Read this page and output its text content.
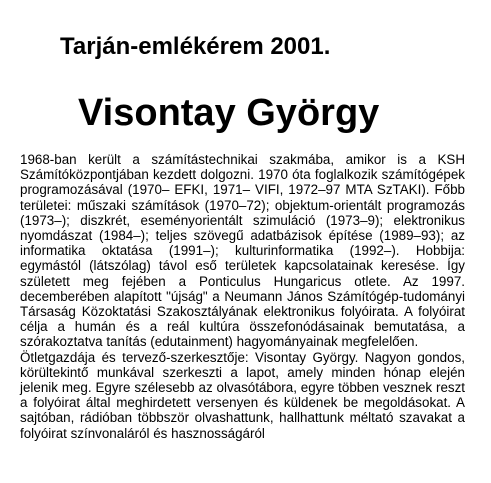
Tarján-emlékérem 2001.
Visontay György

1968-ban került a számítástechnikai szakmába, amikor is a KSH Számítóközpontjában kezdett dolgozni. 1970 óta foglalkozik számítógépek programozásával (1970– EFKI, 1971– VIFI, 1972–97 MTA SzTAKI). Főbb területei: műszaki számítások (1970–72); objektum-orientált programozás (1973–); diszkrét, eseményorientált szimuláció (1973–9); elektronikus nyomdászat (1984–); teljes szövegű adatbázisok építése (1989–93); az informatika oktatása (1991–); kulturinformatika (1992–). Hobbija: egymástól (látszólag) távol eső területek kapcsolatainak keresése. Így született meg fejében a Ponticulus Hungaricus otlete. Az 1997. decemberében alapított "újság" a Neumann János Számítógép-tudományi Társaság Közoktatási Szakosztályának elektronikus folyóirata. A folyóirat célja a humán és a reál kultúra összefonódásainak bemutatása, a szórakoztatva tanítás (edutainment) hagyományainak megfelelően.

Ötletgazdája és tervező-szerkesztője: Visontay György. Nagyon gondos, körültekintő munkával szerkeszti a lapot, amely minden hónap elején jelenik meg. Egyre szélesebb az olvasótábora, egyre többen vesznek reszt a folyóirat által meghirdetett versenyen és küldenek be megoldásokat. A sajtóban, rádióban többször olvashattunk, hallhattunk méltató szavakat a folyóirat színvonaláról és hasznosságáról
